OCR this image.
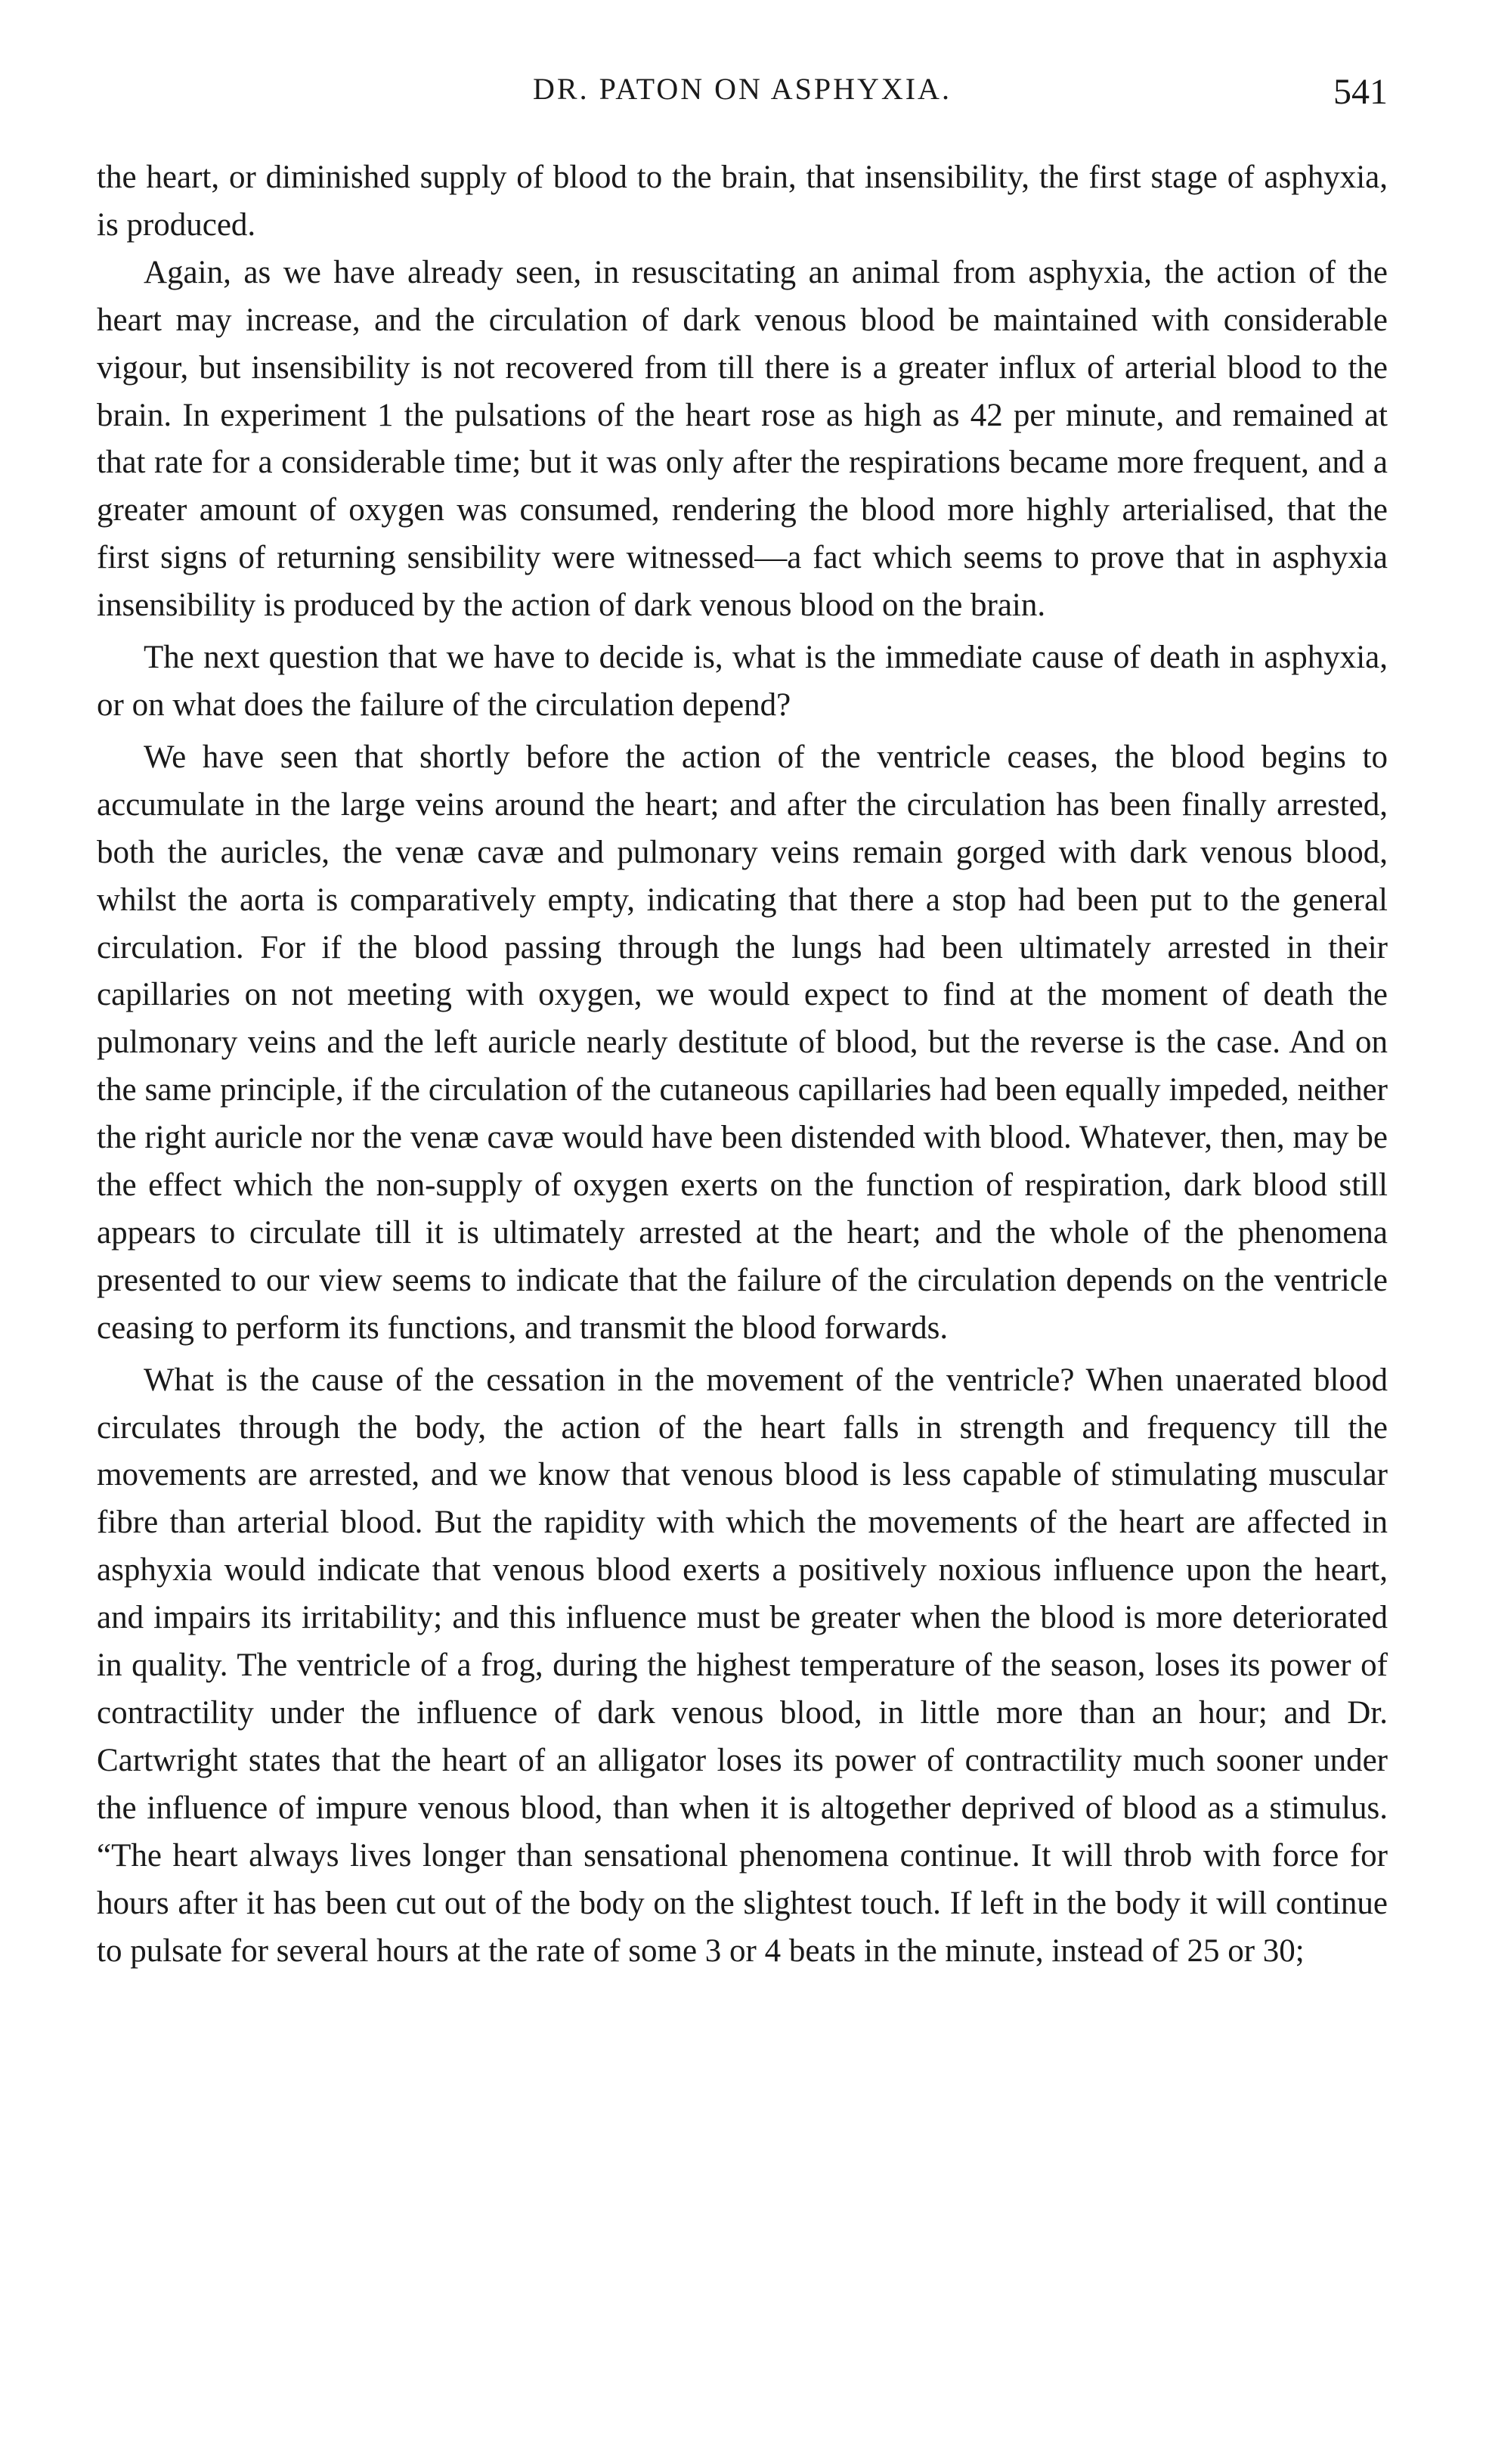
DR. PATON ON ASPHYXIA.	541

the heart, or diminished supply of blood to the brain, that insensibility, the first stage of asphyxia, is produced.

Again, as we have already seen, in resuscitating an animal from asphyxia, the action of the heart may increase, and the circulation of dark venous blood be maintained with considerable vigour, but insensibility is not recovered from till there is a greater influx of arterial blood to the brain. In experiment 1 the pulsations of the heart rose as high as 42 per minute, and remained at that rate for a considerable time; but it was only after the respirations became more frequent, and a greater amount of oxygen was consumed, rendering the blood more highly arterialised, that the first signs of returning sensibility were witnessed—a fact which seems to prove that in asphyxia insensibility is produced by the action of dark venous blood on the brain.

The next question that we have to decide is, what is the immediate cause of death in asphyxia, or on what does the failure of the circulation depend?

We have seen that shortly before the action of the ventricle ceases, the blood begins to accumulate in the large veins around the heart; and after the circulation has been finally arrested, both the auricles, the venæ cavæ and pulmonary veins remain gorged with dark venous blood, whilst the aorta is comparatively empty, indicating that there a stop had been put to the general circulation. For if the blood passing through the lungs had been ultimately arrested in their capillaries on not meeting with oxygen, we would expect to find at the moment of death the pulmonary veins and the left auricle nearly destitute of blood, but the reverse is the case. And on the same principle, if the circulation of the cutaneous capillaries had been equally impeded, neither the right auricle nor the venæ cavæ would have been distended with blood. Whatever, then, may be the effect which the non-supply of oxygen exerts on the function of respiration, dark blood still appears to circulate till it is ultimately arrested at the heart; and the whole of the phenomena presented to our view seems to indicate that the failure of the circulation depends on the ventricle ceasing to perform its functions, and transmit the blood forwards.

What is the cause of the cessation in the movement of the ventricle? When unaerated blood circulates through the body, the action of the heart falls in strength and frequency till the movements are arrested, and we know that venous blood is less capable of stimulating muscular fibre than arterial blood. But the rapidity with which the movements of the heart are affected in asphyxia would indicate that venous blood exerts a positively noxious influence upon the heart, and impairs its irritability; and this influence must be greater when the blood is more deteriorated in quality. The ventricle of a frog, during the highest temperature of the season, loses its power of contractility under the influence of dark venous blood, in little more than an hour; and Dr. Cartwright states that the heart of an alligator loses its power of contractility much sooner under the influence of impure venous blood, than when it is altogether deprived of blood as a stimulus. “The heart always lives longer than sensational phenomena continue. It will throb with force for hours after it has been cut out of the body on the slightest touch. If left in the body it will continue to pulsate for several hours at the rate of some 3 or 4 beats in the minute, instead of 25 or 30;
